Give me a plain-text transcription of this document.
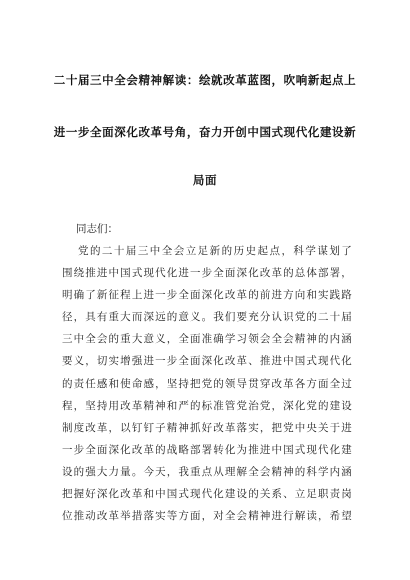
二十届三中全会精神解读：绘就改革蓝图，吹响新起点上
进一步全面深化改革号角，奋力开创中国式现代化建设新
局面
同志们：
党的二十届三中全会立足新的历史起点，科学谋划了
围绕推进中国式现代化进一步全面深化改革的总体部署，
明确了新征程上进一步全面深化改革的前进方向和实践路
径，具有重大而深远的意义。我们要充分认识党的二十届
三中全会的重大意义，全面准确学习领会全会精神的内涵
要义，切实增强进一步全面深化改革、推进中国式现代化
的责任感和使命感，坚持把党的领导贯穿改革各方面全过
程，坚持用改革精神和严的标准管党治党，深化党的建设
制度改革，以钉钉子精神抓好改革落实，把党中央关于进
一步全面深化改革的战略部署转化为推进中国式现代化建
设的强大力量。今天，我重点从理解全会精神的科学内涵
把握好深化改革和中国式现代化建设的关系、立足职责岗
位推动改革举措落实等方面，对全会精神进行解读，希望
